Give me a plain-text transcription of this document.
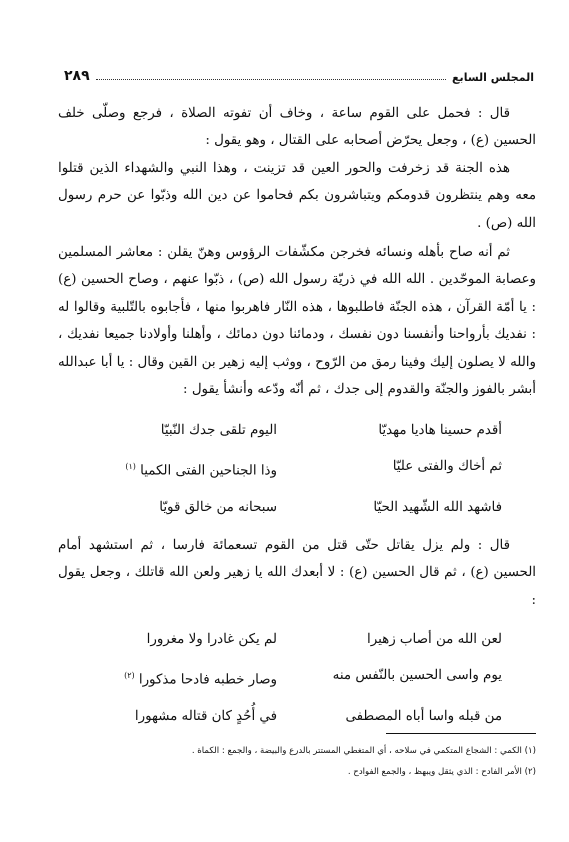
المجلس السابع
٢٨٩

قال : فحمل على القوم ساعة ، وخاف أن تفوته الصلاة ، فرجع وصلّى خلف الحسين (ع) ، وجعل يحرّض أصحابه على القتال ، وهو يقول :

هذه الجنة قد زخرفت والحور العين قد تزينت ، وهذا النبي والشهداء الذين قتلوا معه وهم ينتظرون قدومكم ويتباشرون بكم فحاموا عن دين الله وذبّوا عن حرم رسول الله (ص) .

ثم أنه صاح بأهله ونسائه فخرجن مكشّفات الرؤوس وهنّ يقلن : معاشر المسلمين وعصابة الموحّدين . الله الله في ذريّة رسول الله (ص) ، ذبّوا عنهم ، وصاح الحسين (ع) : يا أمّة القرآن ، هذه الجنّة فاطلبوها ، هذه النّار فاهربوا منها ، فأجابوه بالتّلبية وقالوا له : نفديك بأرواحنا وأنفسنا دون نفسك ، ودمائنا دون دمائك ، وأهلنا وأولادنا جميعا نفديك ، والله لا يصلون إليك وفينا رمق من الرّوح ، ووثب إليه زهير بن القين وقال : يا أبا عبدالله أبشر بالفوز والجنّة والقدوم إلى جدك ، ثم أنّه ودّعه وأنشأ يقول :

أقدم حسينا هاديا مهديّا
اليوم تلقى جدك النّبيّا
ثم أخاك والفتى عليّا
وذا الجناحين الفتى الكميا $^{(١)}$
فاشهد الله الشّهيد الحيّا
سبحانه من خالق قويّا

قال : ولم يزل يقاتل حتّى قتل من القوم تسعمائة فارسا ، ثم استشهد أمام الحسين (ع) ، ثم قال الحسين (ع) : لا أبعدك الله يا زهير ولعن الله قاتلك ، وجعل يقول :

لعن الله من أصاب زهيرا
لم يكن غادرا ولا مغرورا
يوم واسى الحسين بالنّفس منه
وصار خطبه فادحا مذكورا $^{(٢)}$
من قبله واسا أباه المصطفى
في أُحُدٍ كان قتاله مشهورا

(١) الكمي : الشجاع المتكمي في سلاحه ، أي المتغطي المستتر بالدرع والبيضة ، والجمع : الكماة .

(٢) الأمر الفادح : الذي يثقل ويبهظ ، والجمع الفوادح .
